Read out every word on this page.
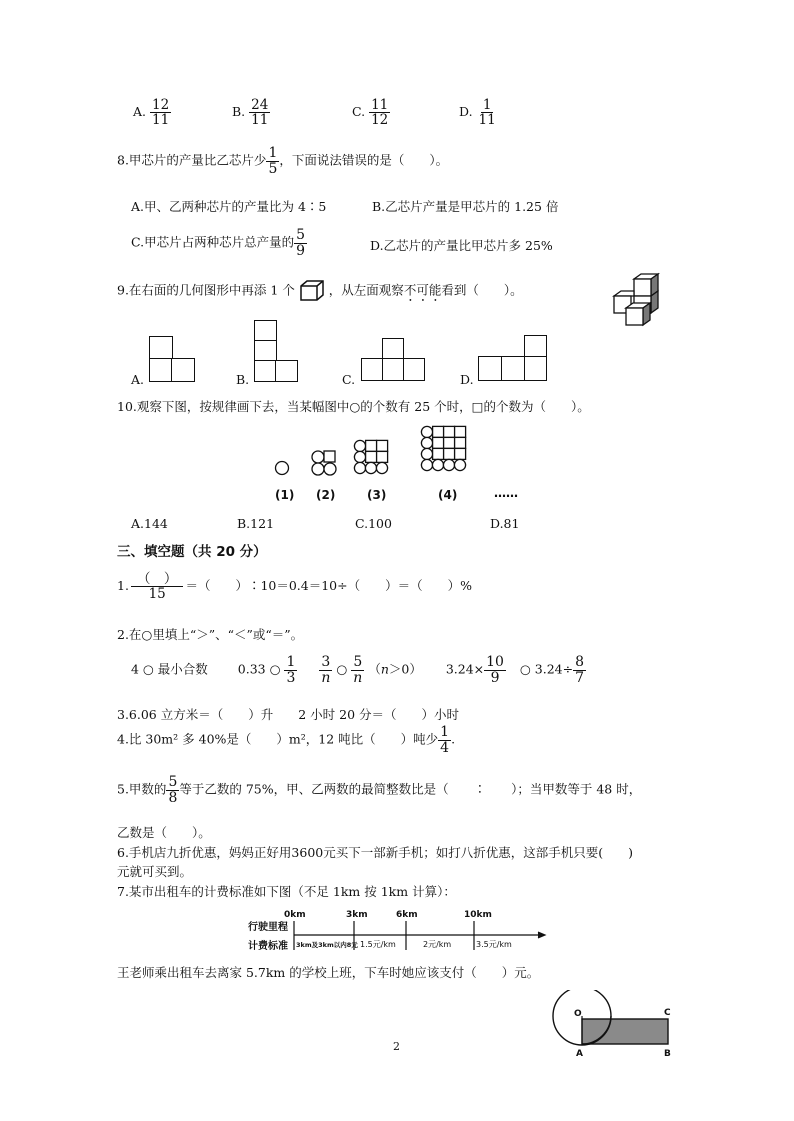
A. $\frac{12}{11}$	B. $\frac{24}{11}$	C. $\frac{11}{12}$	D. $\frac{1}{11}$
8.甲芯片的产量比乙芯片少 $\frac{1}{5}$ ，下面说法错误的是（　　）。
A.甲、乙两种芯片的产量比为 4∶5	B.乙芯片产量是甲芯片的 1.25 倍
C.甲芯片占两种芯片总产量的 $\frac{5}{9}$	D.乙芯片的产量比甲芯片多 25%
9.在右面的几何图形中再添 1 个	，从左面观察不可能看到（　　）。
A.	B.	C.	D.
10.观察下图，按规律画下去，当某幅图中○的个数有 25 个时，□的个数为（　　）。
(1) (2)	(3)	(4)	……
A.144	B.121	C.100	D.81
三、填空题（共 20 分）
1. $\frac{( )}{15}$ ＝（　　）∶10＝0.4＝10÷（　　）＝（　　）%
2.在○里填上“＞”、“＜”或“＝”。
4 ○ 最小合数 0.33 ○ $\frac{1}{3}$
$\frac{3}{n}$ ○ $\frac{5}{n} (n>0)$ $3.24\times \frac{10}{9}$ ○ $3.24\div \frac{8}{7}$
3.6.06 立方米＝（　　）升　　2 小时 20 分＝（　　）小时
4.比 30m² 多 40%是（　　）m²，12 吨比（　　）吨少 $\frac{1}{4}$ .
5.甲数的 $\frac{5}{8}$ 等于乙数的 75%，甲、乙两数的最简整数比是（　　∶　　）；当甲数等于 48 时，
乙数是（　　）。
6.手机店九折优惠，妈妈正好用3600元买下一部新手机；如打八折优惠，这部手机只要(　　)
元就可买到。
7.某市出租车的计费标准如下图（不足 1km 按 1km 计算）：
行驶里程
计费标准
0km	3km	6km	10km
3km及3km以内8元 1.5元/km	2元/km	3.5元/km
王老师乘出租车去离家 5.7km 的学校上班，下车时她应该支付（　　）元。
O	C
A	B
2
